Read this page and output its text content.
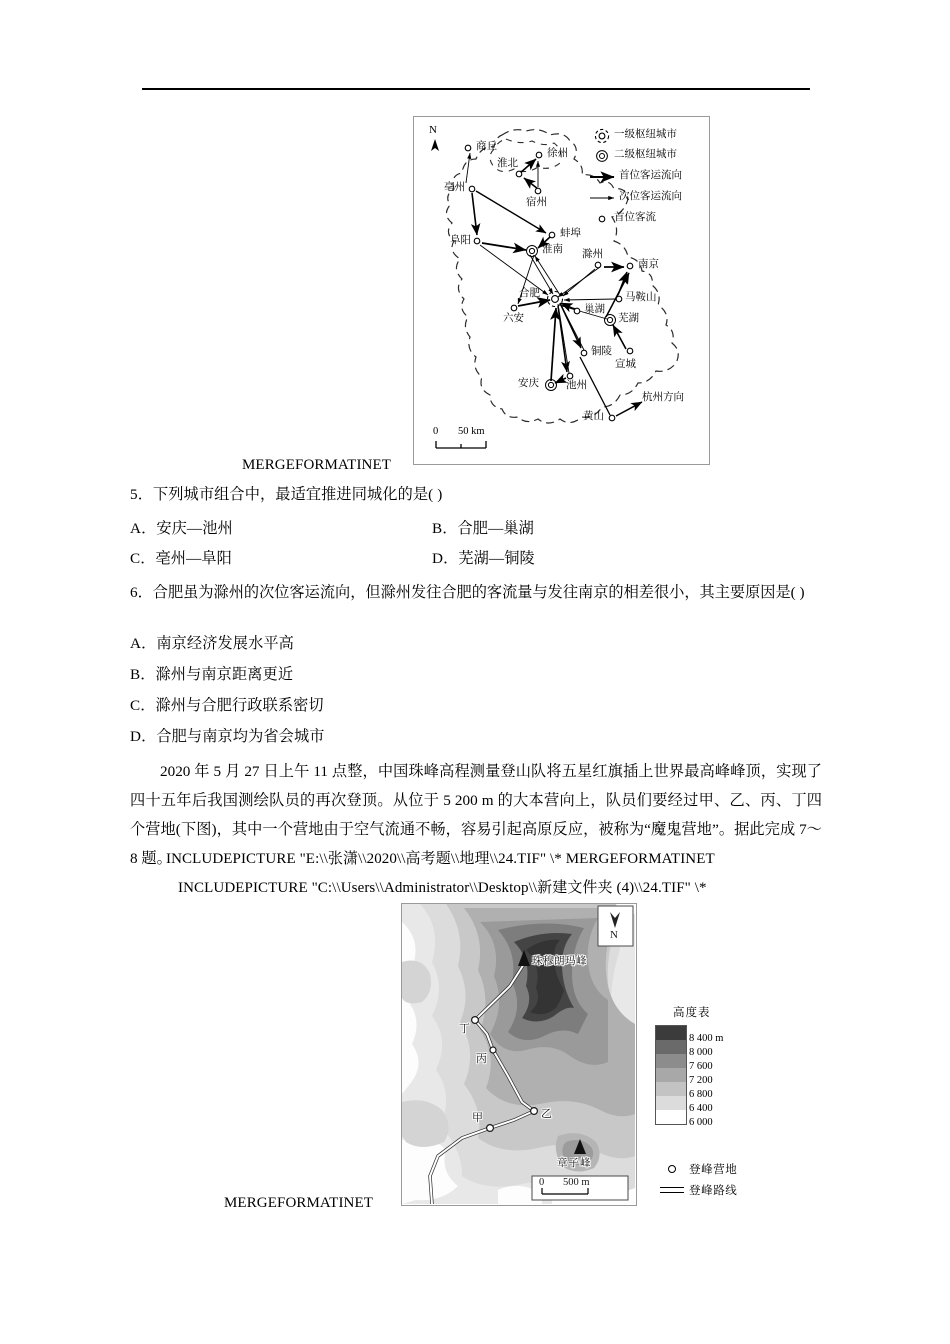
商丘
徐州
淮北
宿州
亳州
阜阳
蚌埠
淮南 滁州
南京
合肥	马鞍山
六安
巢湖
芜湖
铜陵
宣城
安庆	池州
黄山
杭州方向
N	一级枢纽城市
二级枢纽城市
首位客运流向
次位客运流向
首位客流
0 50 km
MERGEFORMATINET
5．下列城市组合中，最适宜推进同城化的是( )
A．安庆—池州	B．合肥—巢湖
C．亳州—阜阳	D．芜湖—铜陵
6．合肥虽为滁州的次位客运流向，但滁州发往合肥的客流量与发往南京的相差很小，其主要原因是( )
A．南京经济发展水平高
B．滁州与南京距离更近
C．滁州与合肥行政联系密切
D．合肥与南京均为省会城市
2020 年 5 月 27 日上午 11 点整，中国珠峰高程测量登山队将五星红旗插上世界最高峰峰顶，实现了四十五年后我国测绘队员的再次登顶。从位于 5 200 m 的大本营向上，队员们要经过甲、乙、丙、丁四个营地(下图)，其中一个营地由于空气流通不畅，容易引起高原反应，被称为“魔鬼营地”。据此完成 7～8 题。
INCLUDEPICTURE "E:\\张潇\\2020\\高考题\\地理\\24.TIF" \* MERGEFORMATINET
INCLUDEPICTURE "C:\\Users\\Administrator\\Desktop\\新建文件夹 (4)\\24.TIF" \*
珠穆朗玛峰
章子峰
丁
丙
乙
甲
N
0 500 m
高度表
8 400 m
8 000
7 600
7 200
6 800
6 400
6 000
登峰营地
登峰路线
MERGEFORMATINET
